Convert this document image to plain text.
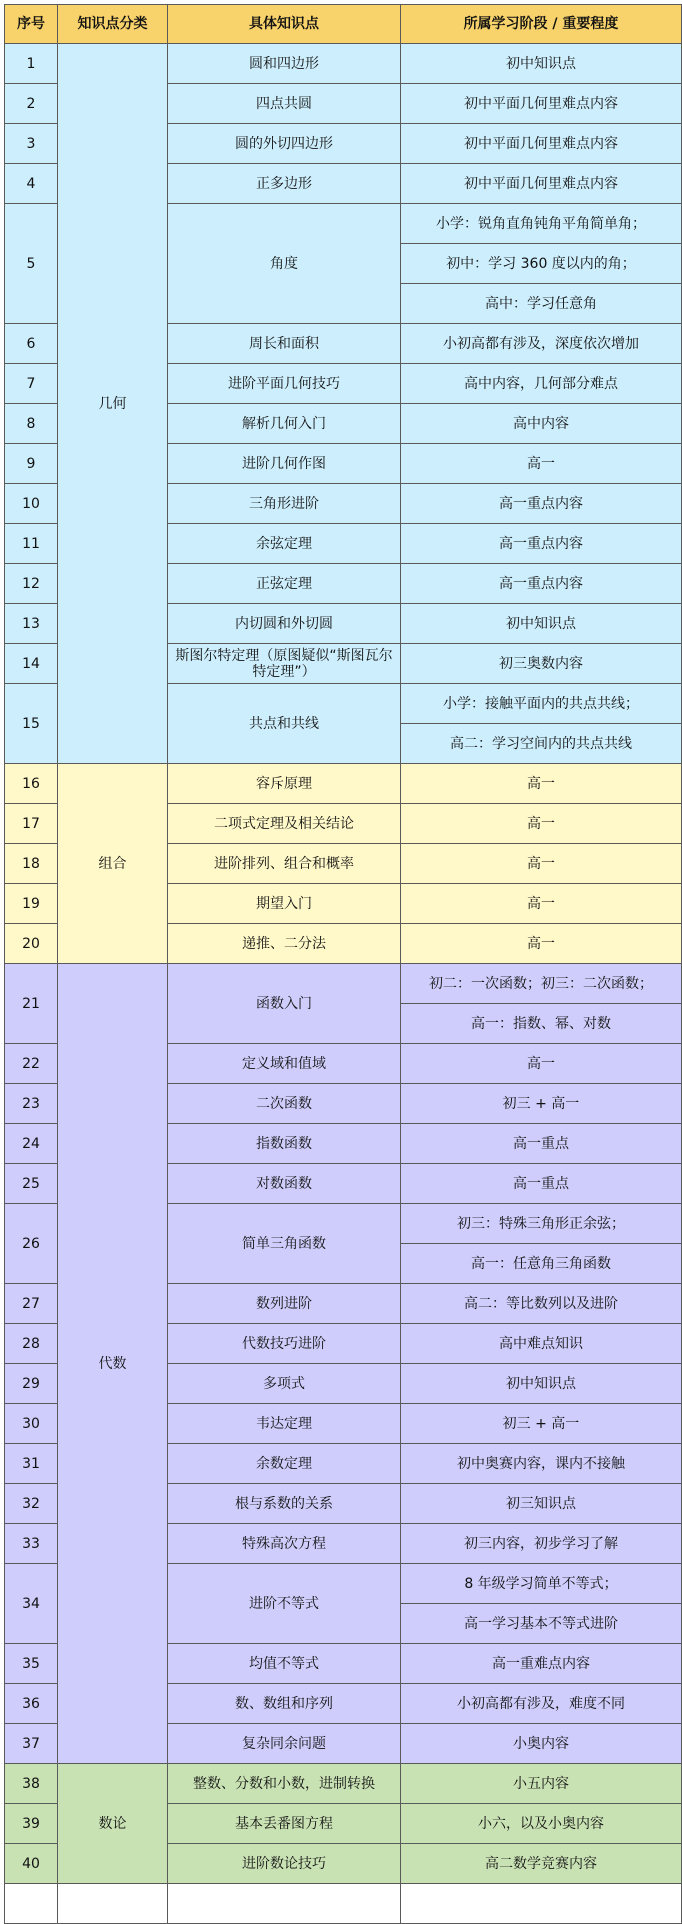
序号	知识点分类	具体知识点	所属学习阶段 / 重要程度
1	几何	圆和四边形	初中知识点
2		四点共圆	初中平面几何里难点内容
3		圆的外切四边形	初中平面几何里难点内容
4		正多边形	初中平面几何里难点内容
5		角度	小学：锐角直角钝角平角简单角；
			初中：学习 360 度以内的角；
			高中：学习任意角
6		周长和面积	小初高都有涉及，深度依次增加
7		进阶平面几何技巧	高中内容，几何部分难点
8		解析几何入门	高中内容
9		进阶几何作图	高一
10		三角形进阶	高一重点内容
11		余弦定理	高一重点内容
12		正弦定理	高一重点内容
13		内切圆和外切圆	初中知识点
14		斯图尔特定理（原图疑似“斯图瓦尔特定理”）	初三奥数内容
15		共点和共线	小学：接触平面内的共点共线；
			高二：学习空间内的共点共线
16	组合	容斥原理	高一
17		二项式定理及相关结论	高一
18		进阶排列、组合和概率	高一
19		期望入门	高一
20		递推、二分法	高一
21	代数	函数入门	初二：一次函数；初三：二次函数；
			高一：指数、幂、对数
22		定义域和值域	高一
23		二次函数	初三 + 高一
24		指数函数	高一重点
25		对数函数	高一重点
26		简单三角函数	初三：特殊三角形正余弦；
			高一：任意角三角函数
27		数列进阶	高二：等比数列以及进阶
28		代数技巧进阶	高中难点知识
29		多项式	初中知识点
30		韦达定理	初三 + 高一
31		余数定理	初中奥赛内容，课内不接触
32		根与系数的关系	初三知识点
33		特殊高次方程	初三内容，初步学习了解
34		进阶不等式	8 年级学习简单不等式；
			高一学习基本不等式进阶
35		均值不等式	高一重难点内容
36		数、数组和序列	小初高都有涉及，难度不同
37		复杂同余问题	小奥内容
38	数论	整数、分数和小数，进制转换	小五内容
39		基本丢番图方程	小六，以及小奥内容
40		进阶数论技巧	高二数学竞赛内容
